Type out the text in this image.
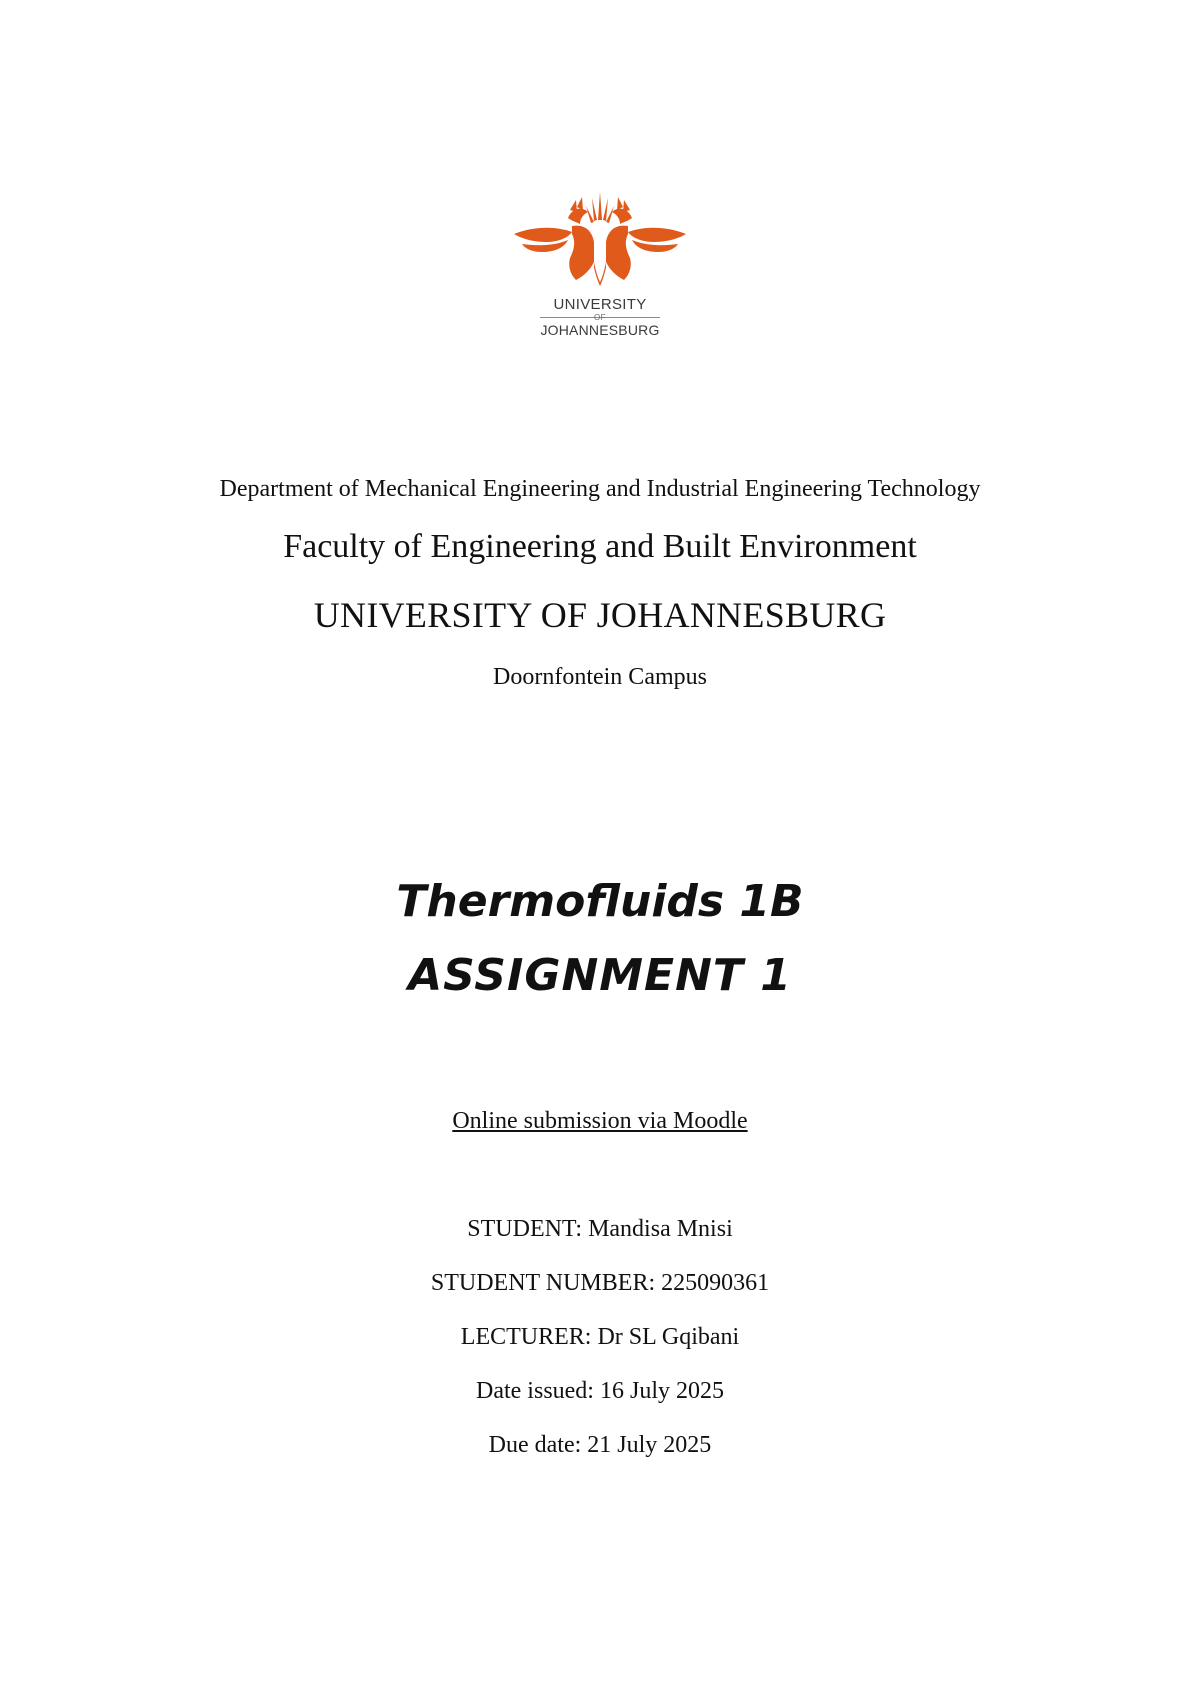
UNIVERSITY
OF
JOHANNESBURG
Department of Mechanical Engineering and Industrial Engineering Technology
Faculty of Engineering and Built Environment
UNIVERSITY OF JOHANNESBURG
Doornfontein Campus
Thermofluids 1B
ASSIGNMENT 1
Online submission via Moodle
STUDENT: Mandisa Mnisi
STUDENT NUMBER: 225090361
LECTURER: Dr SL Gqibani
Date issued: 16 July 2025
Due date: 21 July 2025
